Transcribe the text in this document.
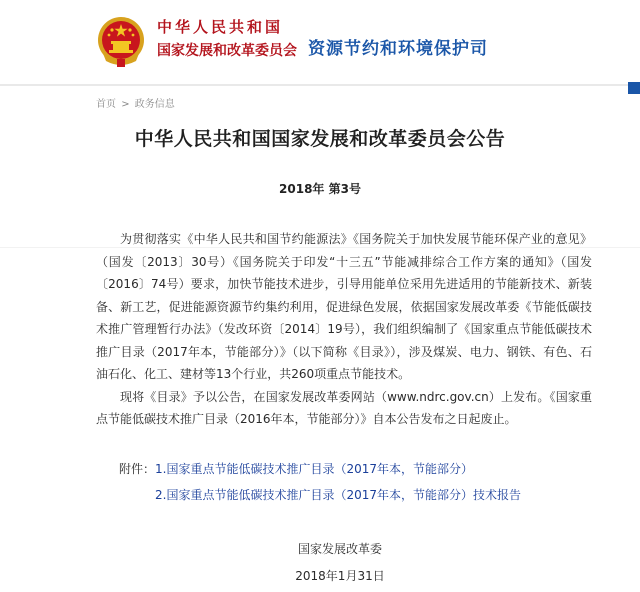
中华人民共和国
国家发展和改革委员会 资源节约和环境保护司
首页 > 政务信息
中华人民共和国国家发展和改革委员会公告
2018年 第3号

为贯彻落实《中华人民共和国节约能源法》《国务院关于加快发展节能环保产业的意见》（国发〔2013〕30号）《国务院关于印发“十三五”节能减排综合工作方案的通知》（国发〔2016〕74号）要求，加快节能技术进步，引导用能单位采用先进适用的节能新技术、新装备、新工艺，促进能源资源节约集约利用，促进绿色发展，依据国家发展改革委《节能低碳技术推广管理暂行办法》（发改环资〔2014〕19号），我们组织编制了《国家重点节能低碳技术推广目录（2017年本，节能部分）》（以下简称《目录》），涉及煤炭、电力、钢铁、有色、石油石化、化工、建材等13个行业，共260项重点节能技术。

现将《目录》予以公告，在国家发展改革委网站（www.ndrc.gov.cn）上发布。《国家重点节能低碳技术推广目录（2016年本，节能部分）》自本公告发布之日起废止。

附件： 1.国家重点节能低碳技术推广目录（2017年本，节能部分）
2.国家重点节能低碳技术推广目录（2017年本，节能部分）技术报告
国家发展改革委
2018年1月31日
